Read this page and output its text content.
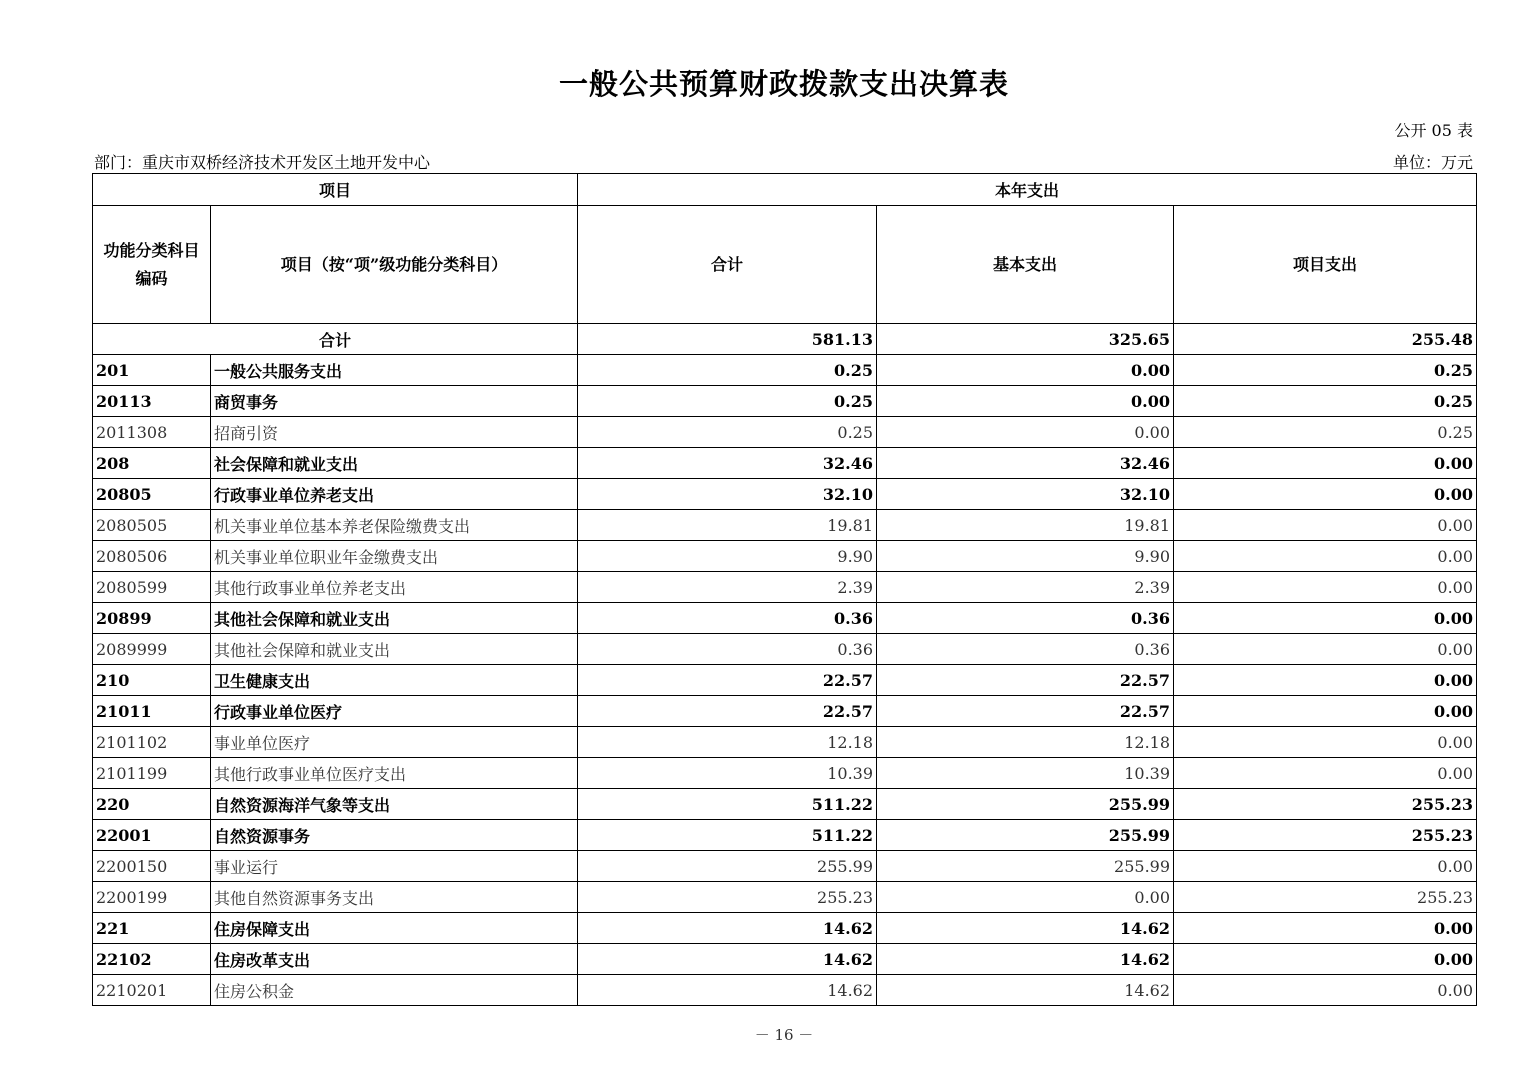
一般公共预算财政拨款支出决算表
公开 05 表
部门：重庆市双桥经济技术开发区土地开发中心	单位：万元
项目		本年支出		
功能分类科目编码	项目（按“项”级功能分类科目）	合计	基本支出	项目支出
合计		581.13	325.65	255.48
201	一般公共服务支出	0.25	0.00	0.25
20113	商贸事务	0.25	0.00	0.25
2011308	招商引资	0.25	0.00	0.25
208	社会保障和就业支出	32.46	32.46	0.00
20805	行政事业单位养老支出	32.10	32.10	0.00
2080505	机关事业单位基本养老保险缴费支出	19.81	19.81	0.00
2080506	机关事业单位职业年金缴费支出	9.90	9.90	0.00
2080599	其他行政事业单位养老支出	2.39	2.39	0.00
20899	其他社会保障和就业支出	0.36	0.36	0.00
2089999	其他社会保障和就业支出	0.36	0.36	0.00
210	卫生健康支出	22.57	22.57	0.00
21011	行政事业单位医疗	22.57	22.57	0.00
2101102	事业单位医疗	12.18	12.18	0.00
2101199	其他行政事业单位医疗支出	10.39	10.39	0.00
220	自然资源海洋气象等支出	511.22	255.99	255.23
22001	自然资源事务	511.22	255.99	255.23
2200150	事业运行	255.99	255.99	0.00
2200199	其他自然资源事务支出	255.23	0.00	255.23
221	住房保障支出	14.62	14.62	0.00
22102	住房改革支出	14.62	14.62	0.00
2210201	住房公积金	14.62	14.62	0.00
－ 16 －
